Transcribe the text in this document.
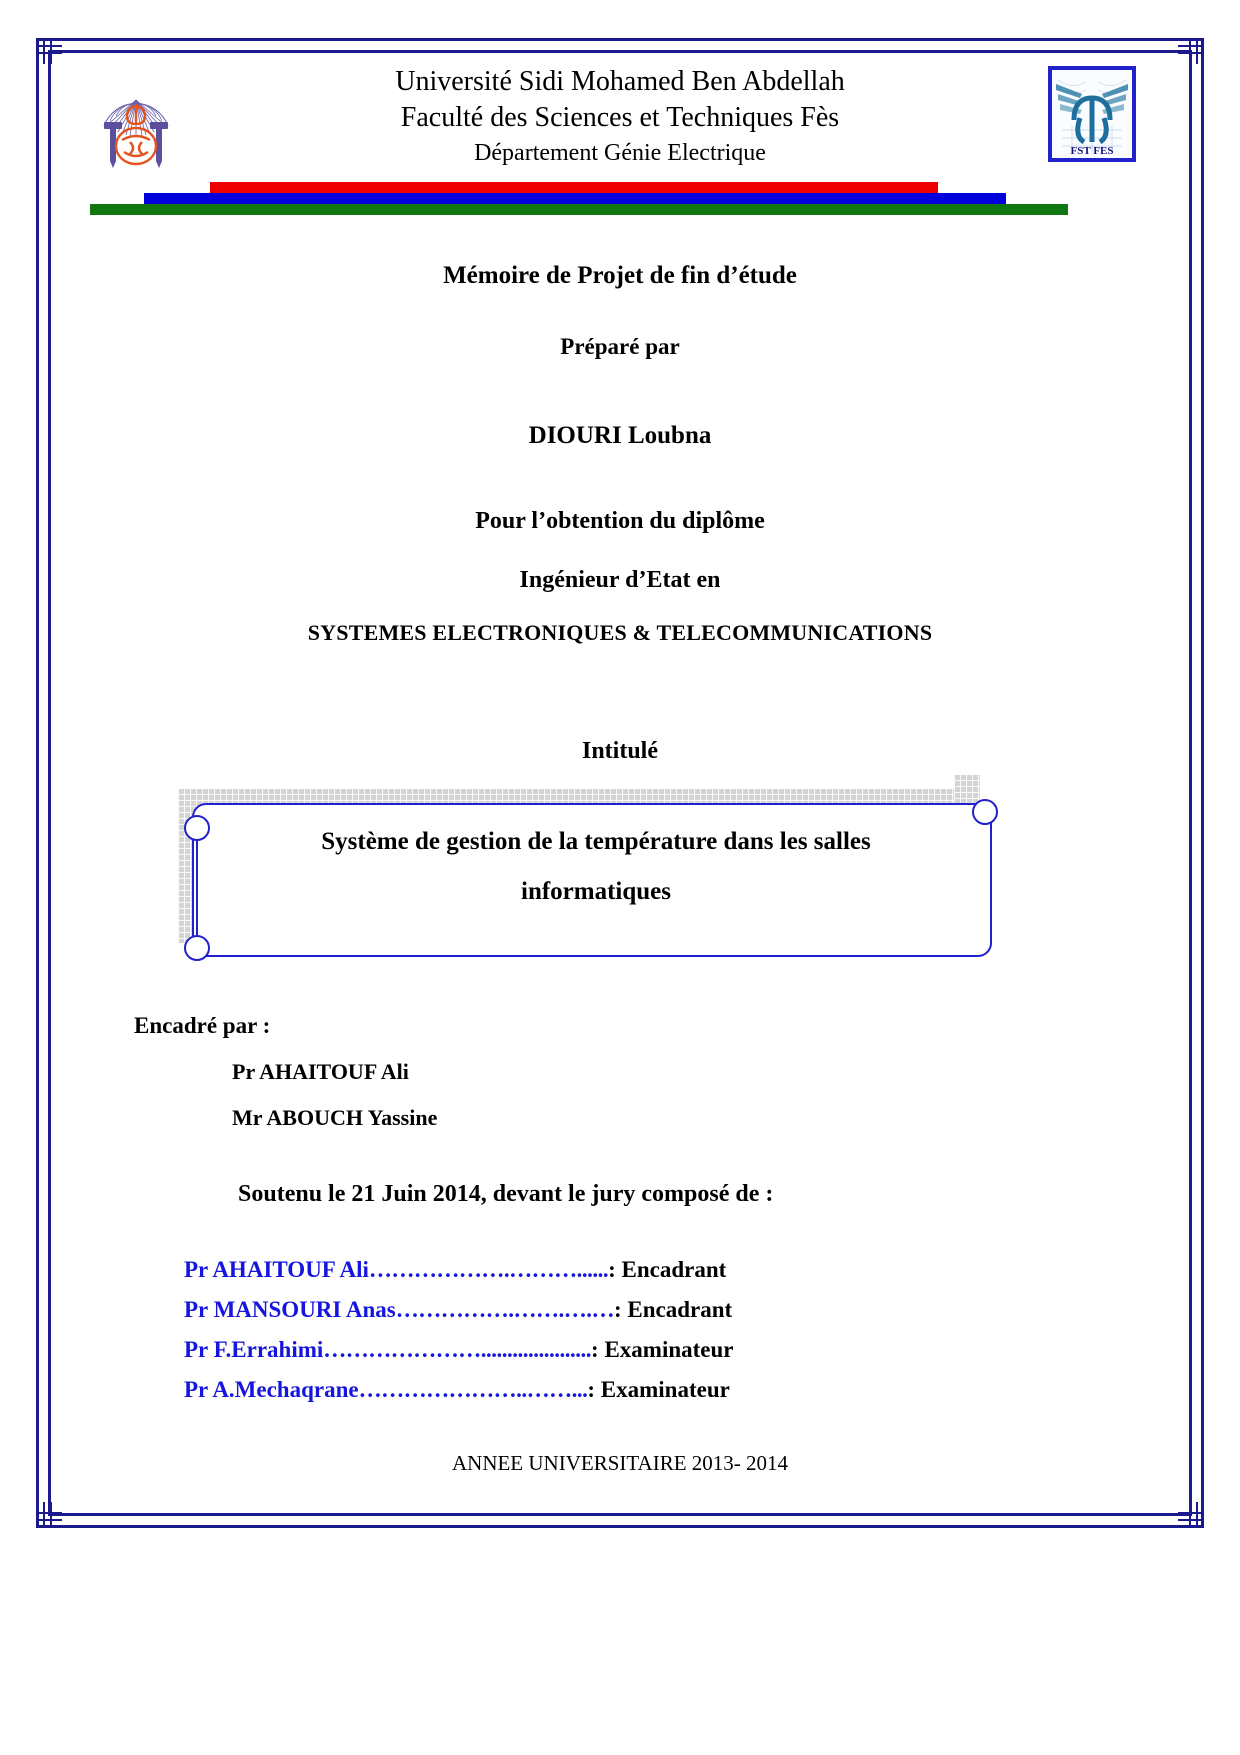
Université Sidi Mohamed Ben Abdellah
Faculté des Sciences et Techniques Fès
Département Génie Electrique	FST FES
Mémoire de Projet de fin d’étude
Préparé par
DIOURI Loubna
Pour l’obtention du diplôme
Ingénieur d’Etat en
SYSTEMES ELECTRONIQUES & TELECOMMUNICATIONS
Intitulé
Système de gestion de la température dans les salles
informatiques
Encadré par :
Pr AHAITOUF Ali
Mr ABOUCH Yassine
Soutenu le 21 Juin 2014, devant le jury composé de :
Pr AHAITOUF Ali……………….………......: Encadrant
Pr MANSOURI Anas…………….…….….…: Encadrant
Pr F.Errahimi………………….....................: Examinateur
Pr A.Mechaqrane…………………..……...: Examinateur
ANNEE UNIVERSITAIRE 2013- 2014
